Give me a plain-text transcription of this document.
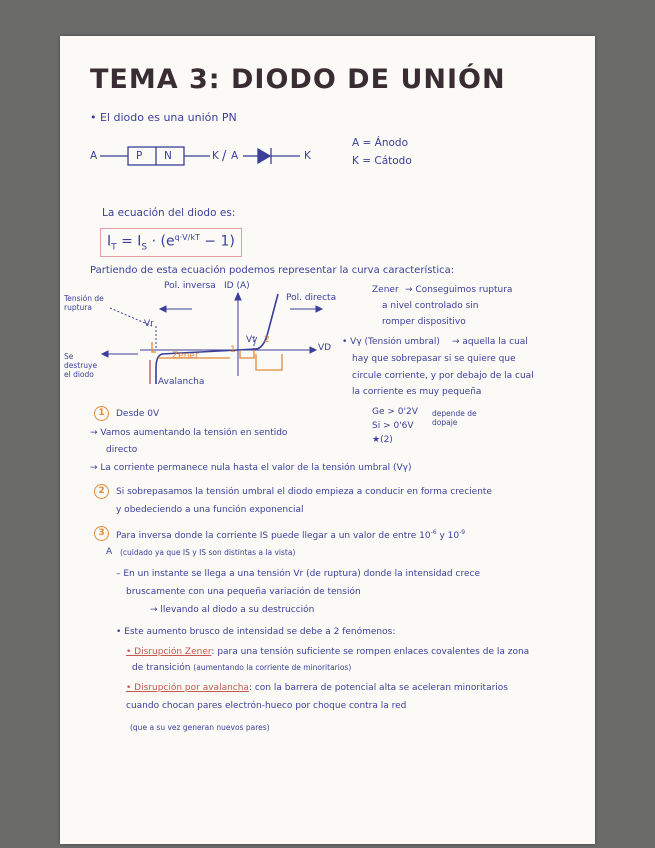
TEMA 3: DIODO DE UNIÓN
• El diodo es una unión PN
A	P N	K / A	K
A = Ánodo
K = Cátodo
La ecuación del diodo es:
$I_T = I_S \cdot (e^{q\cdot V/kT} - 1)$
Partiendo de esta ecuación podemos representar la curva característica:
Pol. inversa
Pol. directa
ID (A)
VD
Tensión de ruptura
Vr
Se destruye el diodo
Zener
Avalancha
Vγ
1
2
Zener → Conseguimos ruptura
a nivel controlado sin
romper dispositivo
• Vγ (Tensión umbral) → aquella la cual
hay que sobrepasar si se quiere que
circule corriente, y por debajo de la cual
la corriente es muy pequeña
Ge > 0'2V
Si > 0'6V
depende de
dopaje
★(2)
1	Desde 0V
→ Vamos aumentando la tensión en sentido
directo
→ La corriente permanece nula hasta el valor de la tensión umbral (Vγ)
2	Si sobrepasamos la tensión umbral el diodo empieza a conducir en forma creciente
y obedeciendo a una función exponencial
3	Para inversa donde la corriente IS puede llegar a un valor de entre $10^{-6}$ y $10^{-9}$
A (cuidado ya que IS y IS son distintas a la vista)
– En un instante se llega a una tensión Vr (de ruptura) donde la intensidad crece
bruscamente con una pequeña variación de tensión
→ llevando al diodo a su destrucción
• Este aumento brusco de intensidad se debe a 2 fenómenos:
• Disrupción Zener: para una tensión suficiente se rompen enlaces covalentes de la zona
de transición (aumentando la corriente de minoritarios)
• Disrupción por avalancha: con la barrera de potencial alta se aceleran minoritarios
cuando chocan pares electrón-hueco por choque contra la red
(que a su vez generan nuevos pares)
